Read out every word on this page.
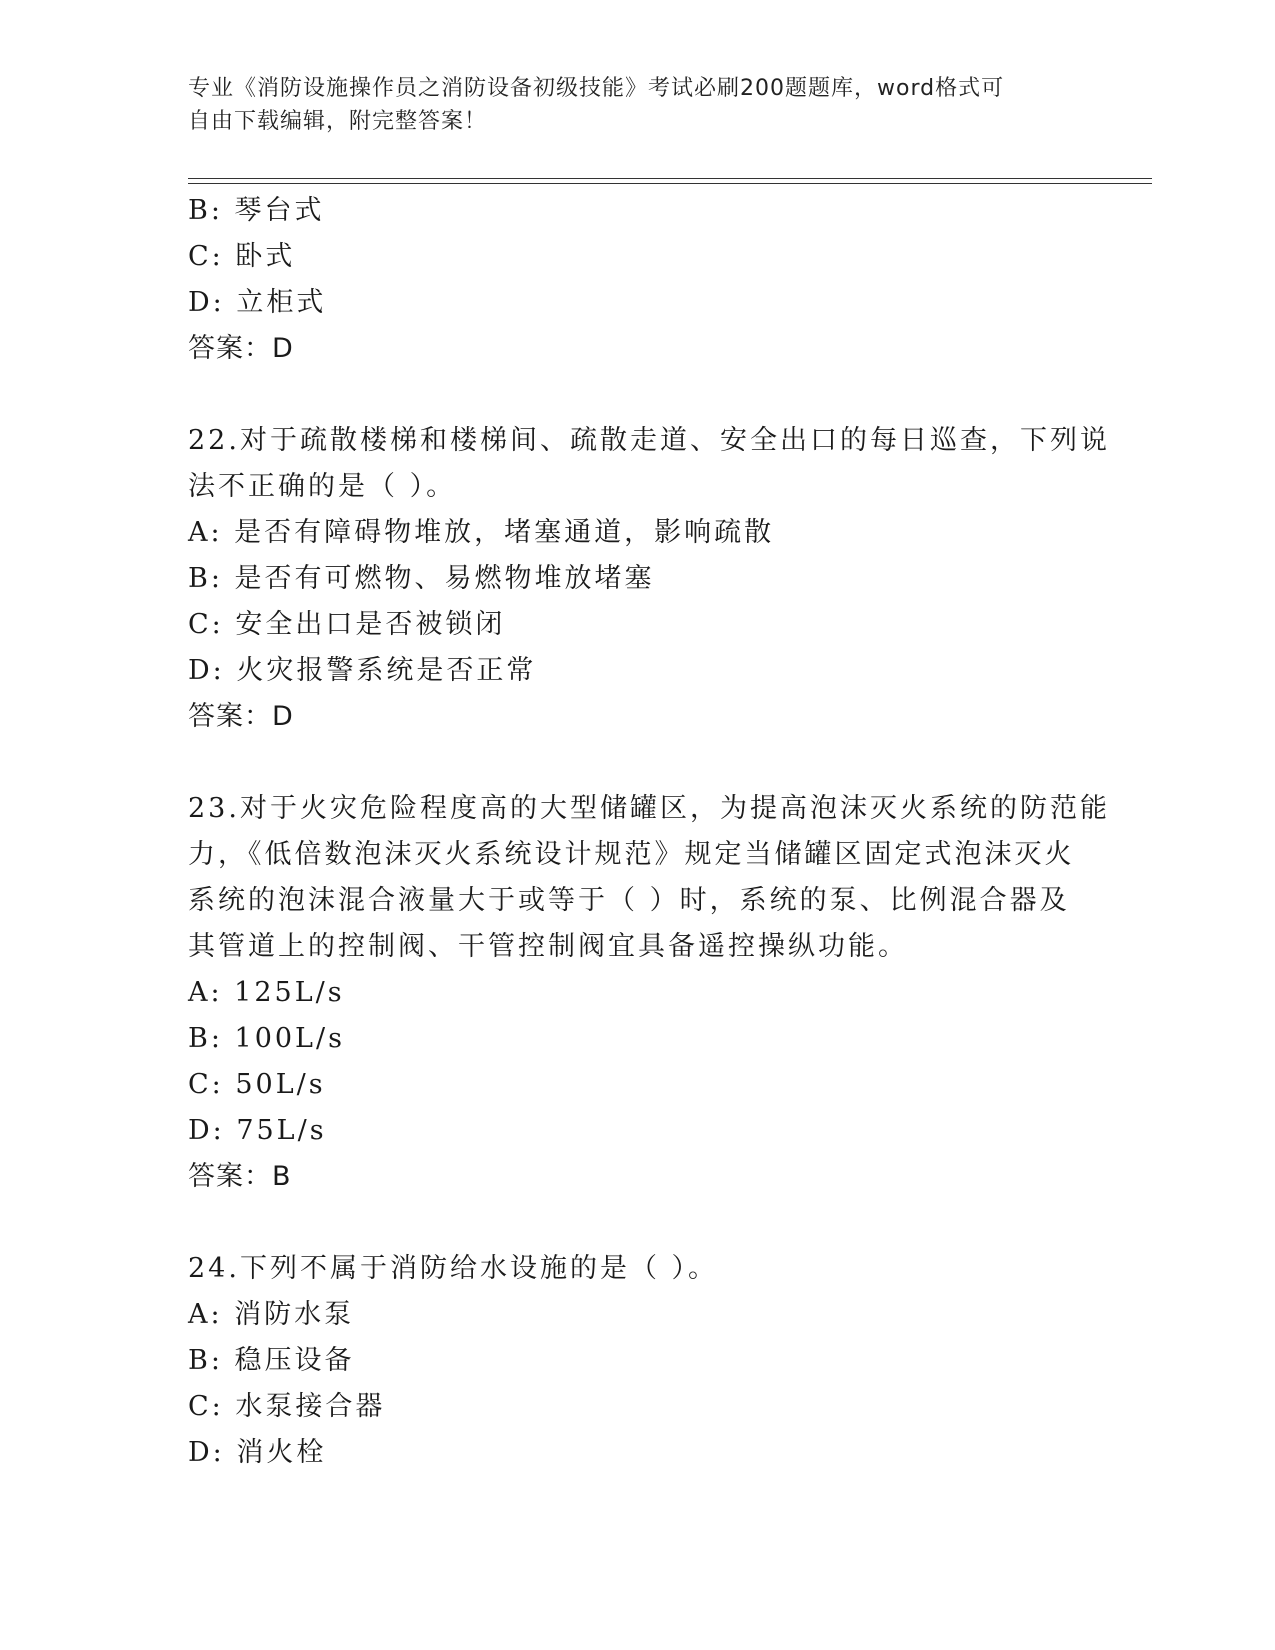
专业《消防设施操作员之消防设备初级技能》考试必刷200题题库，word格式可
自由下载编辑，附完整答案！
B: 琴台式
C: 卧式
D: 立柜式
答案：D
22.对于疏散楼梯和楼梯间、疏散走道、安全出口的每日巡查，下列说
法不正确的是（ ）。
A: 是否有障碍物堆放，堵塞通道，影响疏散
B: 是否有可燃物、易燃物堆放堵塞
C: 安全出口是否被锁闭
D: 火灾报警系统是否正常
答案：D
23.对于火灾危险程度高的大型储罐区，为提高泡沫灭火系统的防范能
力，《低倍数泡沫灭火系统设计规范》规定当储罐区固定式泡沫灭火
系统的泡沫混合液量大于或等于（ ）时，系统的泵、比例混合器及
其管道上的控制阀、干管控制阀宜具备遥控操纵功能。
A: 125L/s
B: 100L/s
C: 50L/s
D: 75L/s
答案：B
24.下列不属于消防给水设施的是（ ）。
A: 消防水泵
B: 稳压设备
C: 水泵接合器
D: 消火栓
